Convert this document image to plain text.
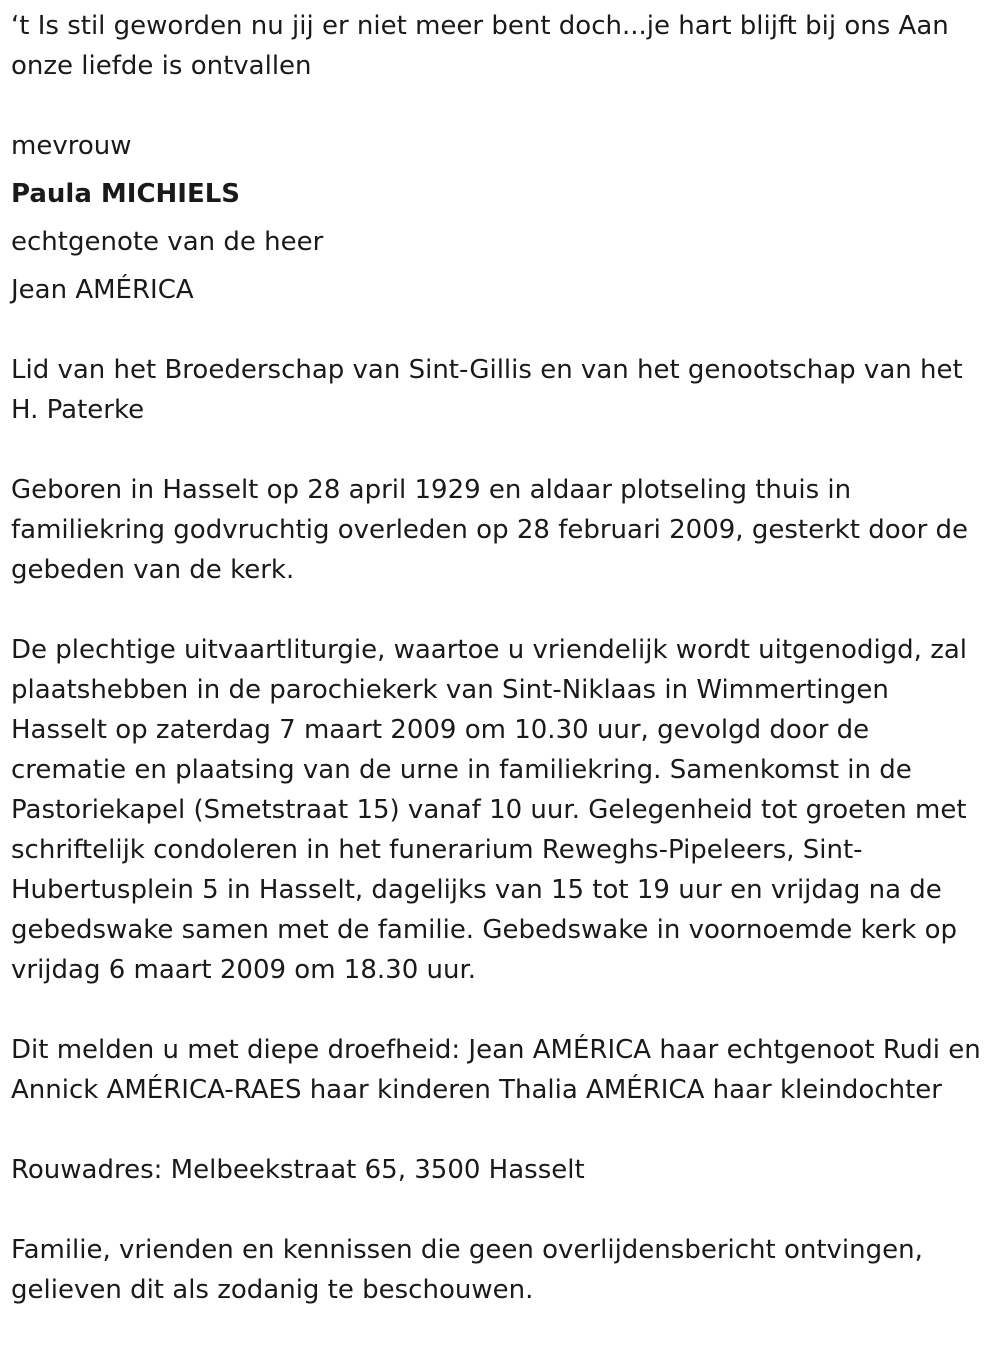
‘t Is stil geworden nu jij er niet meer bent doch...je hart blijft bij ons Aan onze liefde is ontvallen

mevrouw

Paula MICHIELS

echtgenote van de heer

Jean AMÉRICA

Lid van het Broederschap van Sint-Gillis en van het genootschap van het H. Paterke

Geboren in Hasselt op 28 april 1929 en aldaar plotseling thuis in familiekring godvruchtig overleden op 28 februari 2009, gesterkt door de gebeden van de kerk.

De plechtige uitvaartliturgie, waartoe u vriendelijk wordt uitgenodigd, zal plaatshebben in de parochiekerk van Sint-Niklaas in Wimmertingen Hasselt op zaterdag 7 maart 2009 om 10.30 uur, gevolgd door de crematie en plaatsing van de urne in familiekring. Samenkomst in de Pastoriekapel (Smetstraat 15) vanaf 10 uur. Gelegenheid tot groeten met schriftelijk condoleren in het funerarium Reweghs-Pipeleers, Sint-Hubertusplein 5 in Hasselt, dagelijks van 15 tot 19 uur en vrijdag na de gebedswake samen met de familie. Gebedswake in voornoemde kerk op vrijdag 6 maart 2009 om 18.30 uur.

Dit melden u met diepe droefheid: Jean AMÉRICA haar echtgenoot Rudi en Annick AMÉRICA-RAES haar kinderen Thalia AMÉRICA haar kleindochter

Rouwadres: Melbeekstraat 65, 3500 Hasselt

Familie, vrienden en kennissen die geen overlijdensbericht ontvingen, gelieven dit als zodanig te beschouwen.
